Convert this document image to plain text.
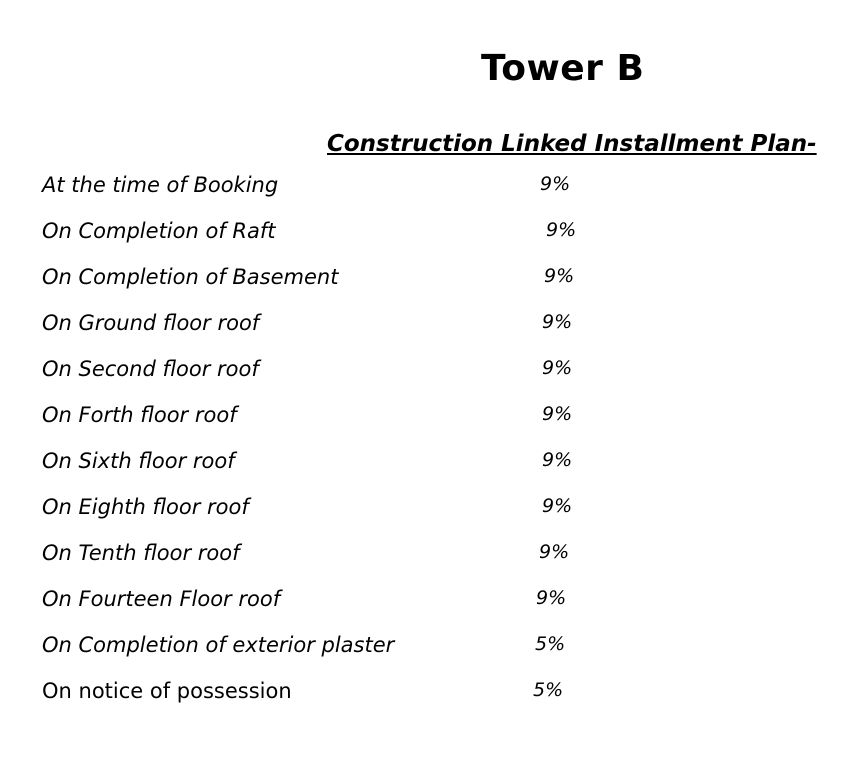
Tower B
Construction Linked Installment Plan-
At the time of Booking	9%
On Completion of Raft	9%
On Completion of Basement	9%
On Ground floor roof	9%
On Second floor roof	9%
On Forth floor roof	9%
On Sixth floor roof	9%
On Eighth floor roof	9%
On Tenth floor roof	9%
On Fourteen Floor roof	9%
On Completion of exterior plaster	5%
On notice of possession	5%
